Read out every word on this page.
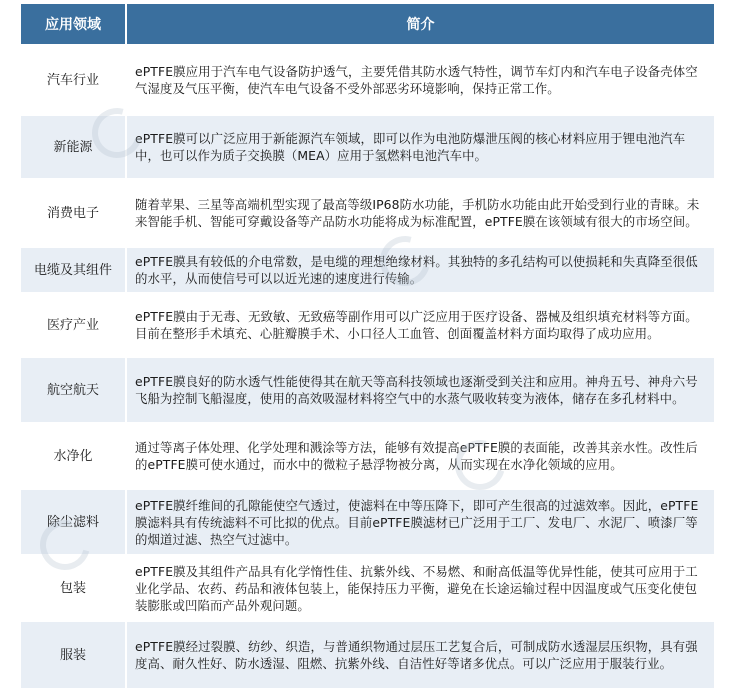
应用领域	简介
汽车行业	ePTFE膜应用于汽车电气设备防护透气，主要凭借其防水透气特性，调节车灯内和汽车电子设备壳体空气湿度及气压平衡，使汽车电气设备不受外部恶劣环境影响，保持正常工作。
新能源	ePTFE膜可以广泛应用于新能源汽车领域，即可以作为电池防爆泄压阀的核心材料应用于锂电池汽车中，也可以作为质子交换膜（MEA）应用于氢燃料电池汽车中。
消费电子	随着苹果、三星等高端机型实现了最高等级IP68防水功能，手机防水功能由此开始受到行业的青睐。未来智能手机、智能可穿戴设备等产品防水功能将成为标准配置，ePTFE膜在该领域有很大的市场空间。
电缆及其组件	ePTFE膜具有较低的介电常数，是电缆的理想绝缘材料。其独特的多孔结构可以使损耗和失真降至很低的水平，从而使信号可以以近光速的速度进行传输。
医疗产业	ePTFE膜由于无毒、无致敏、无致癌等副作用可以广泛应用于医疗设备、器械及组织填充材料等方面。目前在整形手术填充、心脏瓣膜手术、小口径人工血管、创面覆盖材料方面均取得了成功应用。
航空航天	ePTFE膜良好的防水透气性能使得其在航天等高科技领域也逐渐受到关注和应用。神舟五号、神舟六号飞船为控制飞船湿度，使用的高效吸湿材料将空气中的水蒸气吸收转变为液体，储存在多孔材料中。
水净化	通过等离子体处理、化学处理和溅涂等方法，能够有效提高ePTFE膜的表面能，改善其亲水性。改性后的ePTFE膜可使水通过，而水中的微粒子悬浮物被分离，从而实现在水净化领域的应用。
除尘滤料	ePTFE膜纤维间的孔隙能使空气透过，使滤料在中等压降下，即可产生很高的过滤效率。因此，ePTFE膜滤料具有传统滤料不可比拟的优点。目前ePTFE膜滤材已广泛用于工厂、发电厂、水泥厂、喷漆厂等的烟道过滤、热空气过滤中。
包装	ePTFE膜及其组件产品具有化学惰性佳、抗紫外线、不易燃、和耐高低温等优异性能，使其可应用于工业化学品、农药、药品和液体包装上，能保持压力平衡，避免在长途运输过程中因温度或气压变化使包装膨胀或凹陷而产品外观问题。
服装	ePTFE膜经过裂膜、纺纱、织造，与普通织物通过层压工艺复合后，可制成防水透湿层压织物，具有强度高、耐久性好、防水透湿、阻燃、抗紫外线、自洁性好等诸多优点。可以广泛应用于服装行业。
